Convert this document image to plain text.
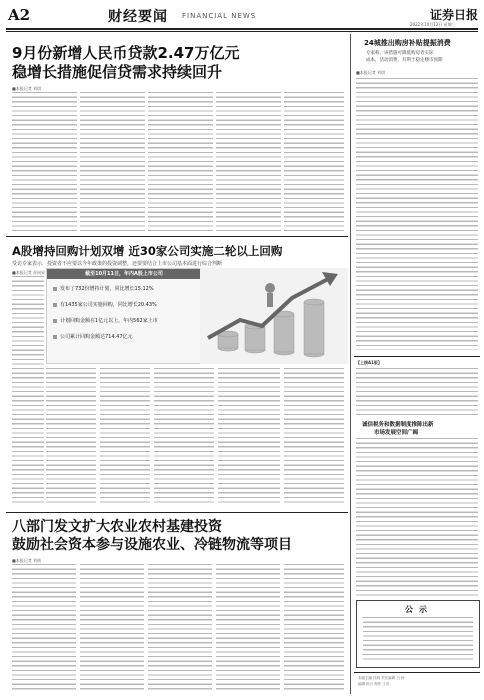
A2	财经要闻 FINANCIAL NEWS	证券日报
2022年10月12日 星期三
9月份新增人民币贷款2.47万亿元
稳增长措施促信贷需求持续回升
■本报记者 刘琪
A股增持回购计划双增 近30家公司实施二轮以上回购
受访专家表示，投资者不应要以今年政策的投资调整，还要要结合上市公司基本面进行综合判断
■本报记者 苏向杲	截至10月11日，年内A股上市公司
发布了732份增持计划，同比增长15.12%
有1435家公司实施回购，同比增长20.43%
计划回购金额在1亿元以上，年内562家上市
公司累计回购金额达714.47亿元
八部门发文扩大农业农村基建投资
鼓励社会资本参与设施农业、冷链物流等项目
■本报记者 刘萌
24城推出购房补贴提振消费
专家称，该措施可降低购房者实际
成本，活动消费，有利于稳定楼市预期
■本报记者 刘琪
【上接A1版】
诚信税务和数据制度推陈出新
市场发展空间广阔
公示
本版主编 沈明 责任编辑 白 杨
编辑 孙月 制作 王英
